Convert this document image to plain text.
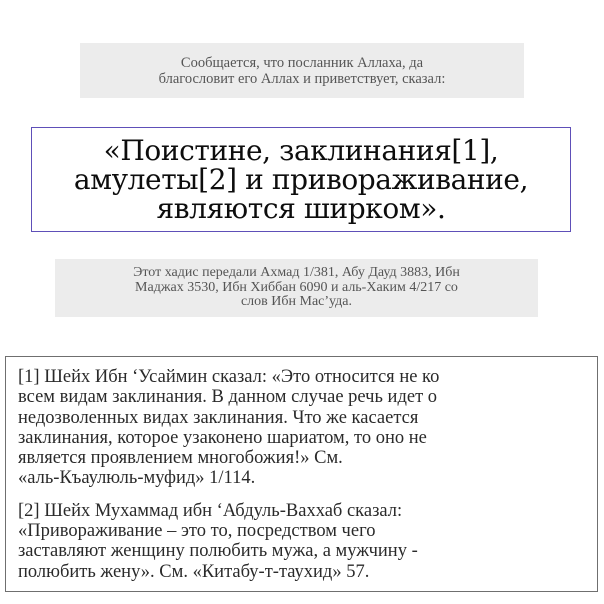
Сообщается, что посланник Аллаха, да
благословит его Аллах и приветствует, сказал:
«Поистине, заклинания[1],
амулеты[2] и привораживание,
являются ширком».
Этот хадис передали Ахмад 1/381, Абу Дауд 3883, Ибн
Маджах 3530, Ибн Хиббан 6090 и аль-Хаким 4/217 со
слов Ибн Мас’уда.
[1] Шейх Ибн ‘Усаймин сказал: «Это относится не ко
всем видам заклинания. В данном случае речь идет о
недозволенных видах заклинания. Что же касается
заклинания, которое узаконено шариатом, то оно не
является проявлением многобожия!» См.
«аль-Къаулюль-муфид» 1/114.
[2] Шейх Мухаммад ибн ‘Абдуль-Ваххаб сказал:
«Привораживание – это то, посредством чего
заставляют женщину полюбить мужа, а мужчину -
полюбить жену». См. «Китабу-т-таухид» 57.
